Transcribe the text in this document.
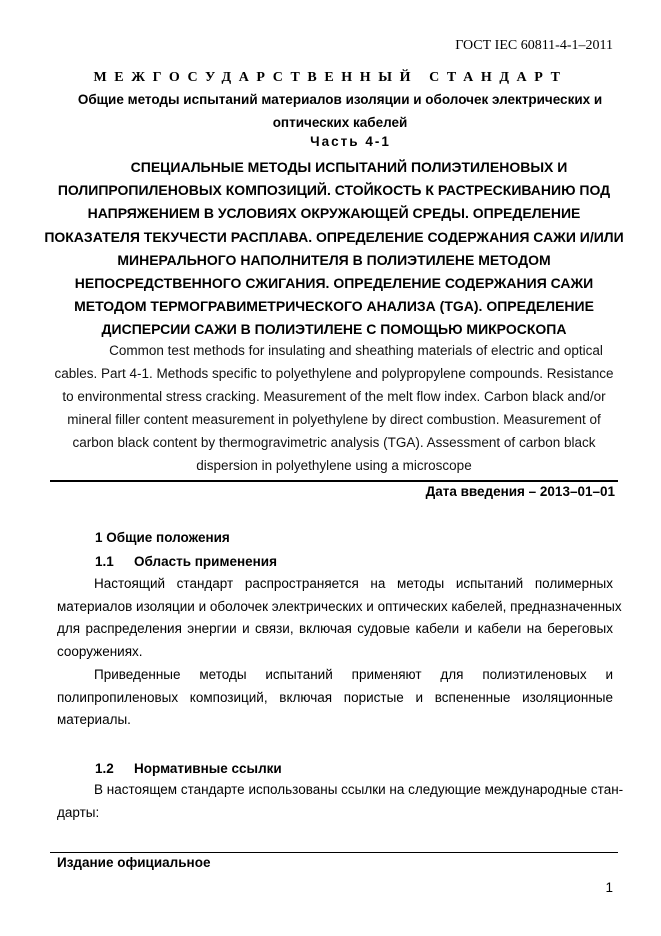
ГОСТ IEC 60811-4-1–2011
МЕЖГОСУДАРСТВЕННЫЙ СТАНДАРТ
Общие методы испытаний материалов изоляции и оболочек электрических и
оптических кабелей
Часть 4-1
СПЕЦИАЛЬНЫЕ МЕТОДЫ ИСПЫТАНИЙ ПОЛИЭТИЛЕНОВЫХ И
ПОЛИПРОПИЛЕНОВЫХ КОМПОЗИЦИЙ. СТОЙКОСТЬ К РАСТРЕСКИВАНИЮ ПОД
НАПРЯЖЕНИЕМ В УСЛОВИЯХ ОКРУЖАЮЩЕЙ СРЕДЫ. ОПРЕДЕЛЕНИЕ
ПОКАЗАТЕЛЯ ТЕКУЧЕСТИ РАСПЛАВА. ОПРЕДЕЛЕНИЕ СОДЕРЖАНИЯ САЖИ И/ИЛИ
МИНЕРАЛЬНОГО НАПОЛНИТЕЛЯ В ПОЛИЭТИЛЕНЕ МЕТОДОМ
НЕПОСРЕДСТВЕННОГО СЖИГАНИЯ. ОПРЕДЕЛЕНИЕ СОДЕРЖАНИЯ САЖИ
МЕТОДОМ ТЕРМОГРАВИМЕТРИЧЕСКОГО АНАЛИЗА (TGA). ОПРЕДЕЛЕНИЕ
ДИСПЕРСИИ САЖИ В ПОЛИЭТИЛЕНЕ С ПОМОЩЬЮ МИКРОСКОПА
Common test methods for insulating and sheathing materials of electric and optical
cables. Part 4-1. Methods specific to polyethylene and polypropylene compounds. Resistance
to environmental stress cracking. Measurement of the melt flow index. Carbon black and/or
mineral filler content measurement in polyethylene by direct combustion. Measurement of
carbon black content by thermogravimetric analysis (TGA). Assessment of carbon black
dispersion in polyethylene using a microscope
Дата введения – 2013–01–01
1 Общие положения
1.1 Область применения
Настоящий стандарт распространяется на методы испытаний полимерных
материалов изоляции и оболочек электрических и оптических кабелей, предназначенных
для распределения энергии и связи, включая судовые кабели и кабели на береговых
сооружениях.
Приведенные методы испытаний применяют для полиэтиленовых и
полипропиленовых композиций, включая пористые и вспененные изоляционные
материалы.
1.2 Нормативные ссылки
В настоящем стандарте использованы ссылки на следующие международные стан-
дарты:
Издание официальное
1
